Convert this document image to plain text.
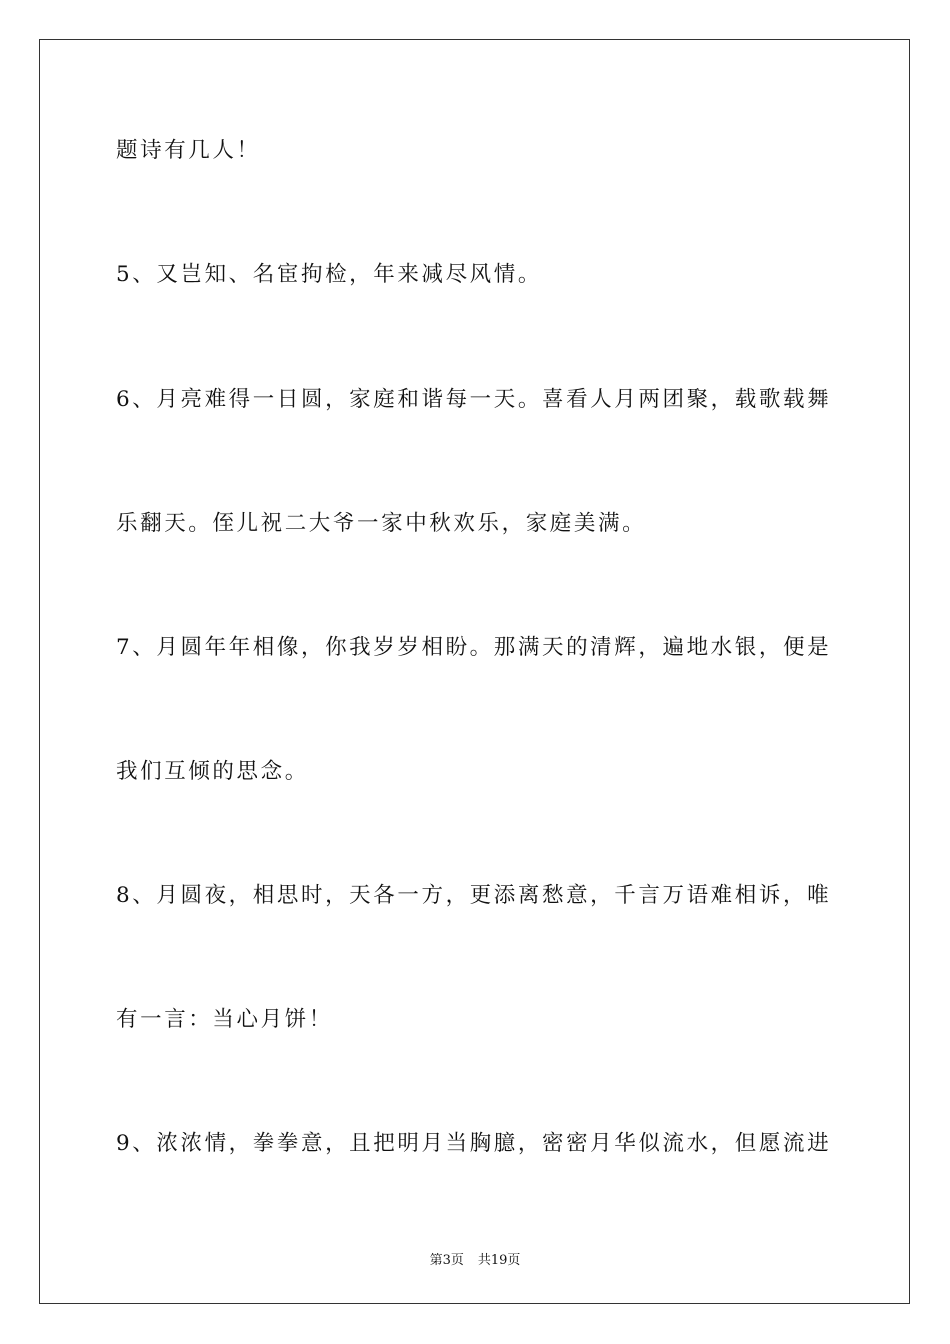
题诗有几人！
5、又岂知、名宦拘检，年来减尽风情。
6、月亮难得一日圆，家庭和谐每一天。喜看人月两团聚，载歌载舞
乐翻天。侄儿祝二大爷一家中秋欢乐，家庭美满。
7、月圆年年相像，你我岁岁相盼。那满天的清辉，遍地水银，便是
我们互倾的思念。
8、月圆夜，相思时，天各一方，更添离愁意，千言万语难相诉，唯
有一言：当心月饼！
9、浓浓情，拳拳意，且把明月当胸臆，密密月华似流水，但愿流进
第3页 共19页
